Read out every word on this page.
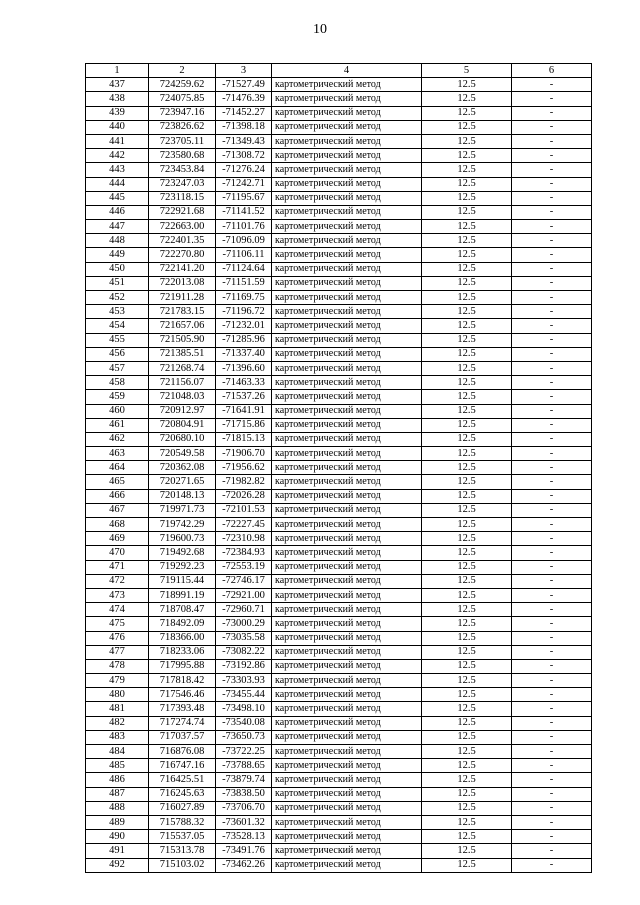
10
1	2	3	4	5	6
437	724259.62	-71527.49	картометрический метод	12.5	-
438	724075.85	-71476.39	картометрический метод	12.5	-
439	723947.16	-71452.27	картометрический метод	12.5	-
440	723826.62	-71398.18	картометрический метод	12.5	-
441	723705.11	-71349.43	картометрический метод	12.5	-
442	723580.68	-71308.72	картометрический метод	12.5	-
443	723453.84	-71276.24	картометрический метод	12.5	-
444	723247.03	-71242.71	картометрический метод	12.5	-
445	723118.15	-71195.67	картометрический метод	12.5	-
446	722921.68	-71141.52	картометрический метод	12.5	-
447	722663.00	-71101.76	картометрический метод	12.5	-
448	722401.35	-71096.09	картометрический метод	12.5	-
449	722270.80	-71106.11	картометрический метод	12.5	-
450	722141.20	-71124.64	картометрический метод	12.5	-
451	722013.08	-71151.59	картометрический метод	12.5	-
452	721911.28	-71169.75	картометрический метод	12.5	-
453	721783.15	-71196.72	картометрический метод	12.5	-
454	721657.06	-71232.01	картометрический метод	12.5	-
455	721505.90	-71285.96	картометрический метод	12.5	-
456	721385.51	-71337.40	картометрический метод	12.5	-
457	721268.74	-71396.60	картометрический метод	12.5	-
458	721156.07	-71463.33	картометрический метод	12.5	-
459	721048.03	-71537.26	картометрический метод	12.5	-
460	720912.97	-71641.91	картометрический метод	12.5	-
461	720804.91	-71715.86	картометрический метод	12.5	-
462	720680.10	-71815.13	картометрический метод	12.5	-
463	720549.58	-71906.70	картометрический метод	12.5	-
464	720362.08	-71956.62	картометрический метод	12.5	-
465	720271.65	-71982.82	картометрический метод	12.5	-
466	720148.13	-72026.28	картометрический метод	12.5	-
467	719971.73	-72101.53	картометрический метод	12.5	-
468	719742.29	-72227.45	картометрический метод	12.5	-
469	719600.73	-72310.98	картометрический метод	12.5	-
470	719492.68	-72384.93	картометрический метод	12.5	-
471	719292.23	-72553.19	картометрический метод	12.5	-
472	719115.44	-72746.17	картометрический метод	12.5	-
473	718991.19	-72921.00	картометрический метод	12.5	-
474	718708.47	-72960.71	картометрический метод	12.5	-
475	718492.09	-73000.29	картометрический метод	12.5	-
476	718366.00	-73035.58	картометрический метод	12.5	-
477	718233.06	-73082.22	картометрический метод	12.5	-
478	717995.88	-73192.86	картометрический метод	12.5	-
479	717818.42	-73303.93	картометрический метод	12.5	-
480	717546.46	-73455.44	картометрический метод	12.5	-
481	717393.48	-73498.10	картометрический метод	12.5	-
482	717274.74	-73540.08	картометрический метод	12.5	-
483	717037.57	-73650.73	картометрический метод	12.5	-
484	716876.08	-73722.25	картометрический метод	12.5	-
485	716747.16	-73788.65	картометрический метод	12.5	-
486	716425.51	-73879.74	картометрический метод	12.5	-
487	716245.63	-73838.50	картометрический метод	12.5	-
488	716027.89	-73706.70	картометрический метод	12.5	-
489	715788.32	-73601.32	картометрический метод	12.5	-
490	715537.05	-73528.13	картометрический метод	12.5	-
491	715313.78	-73491.76	картометрический метод	12.5	-
492	715103.02	-73462.26	картометрический метод	12.5	-
